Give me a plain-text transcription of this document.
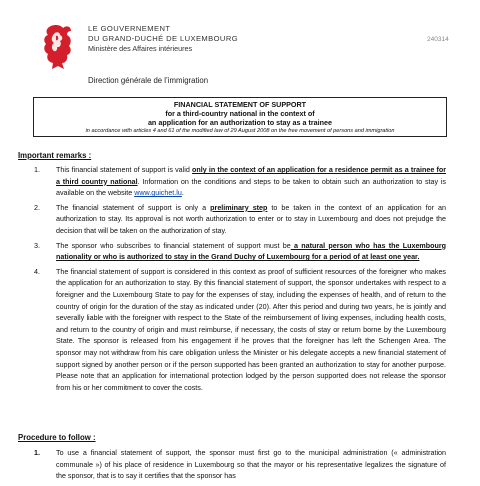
LE GOUVERNEMENT
DU GRAND-DUCHÉ DE LUXEMBOURG
Ministère des Affaires intérieures
240314
Direction générale de l’immigration
FINANCIAL STATEMENT OF SUPPORT
for a third-country national in the context of
an application for an authorization to stay as a trainee
in accordance with articles 4 and 61 of the modified law of 29 August 2008 on the free movement of persons and immigration
Important remarks :
1. This financial statement of support is valid only in the context of an application for a residence permit as a trainee for a third country national. Information on the conditions and steps to be taken to obtain such an authorization to stay is available on the website www.guichet.lu.
2. The financial statement of support is only a preliminary step to be taken in the context of an application for an authorization to stay. Its approval is not worth authorization to enter or to stay in Luxembourg and does not prejudge the decision that will be taken on the authorization of stay.
3. The sponsor who subscribes to financial statement of support must be a natural person who has the Luxembourg nationality or who is authorized to stay in the Grand Duchy of Luxembourg for a period of at least one year.
4. The financial statement of support is considered in this context as proof of sufficient resources of the foreigner who makes the application for an authorization to stay. By this financial statement of support, the sponsor undertakes with respect to a foreigner and the Luxembourg State to pay for the expenses of stay, including the expenses of health, and of return to the country of origin for the duration of the stay as indicated under (20). After this period and during two years, he is jointly and severally liable with the foreigner with respect to the State of the reimbursement of living expenses, including health costs, and return to the country of origin and must reimburse, if necessary, the costs of stay or return borne by the Luxembourg State. The sponsor is released from his engagement if he proves that the foreigner has left the Schengen Area. The sponsor may not withdraw from his care obligation unless the Minister or his delegate accepts a new financial statement of support signed by another person or if the person supported has been granted an authorization to stay for another purpose. Please note that an application for international protection lodged by the person supported does not release the sponsor from his or her commitment to cover the costs.
Procedure to follow :
1. To use a financial statement of support, the sponsor must first go to the municipal administration (« administration communale ») of his place of residence in Luxembourg so that the mayor or his representative legalizes the signature of the sponsor, that is to say it certifies that the sponsor has
